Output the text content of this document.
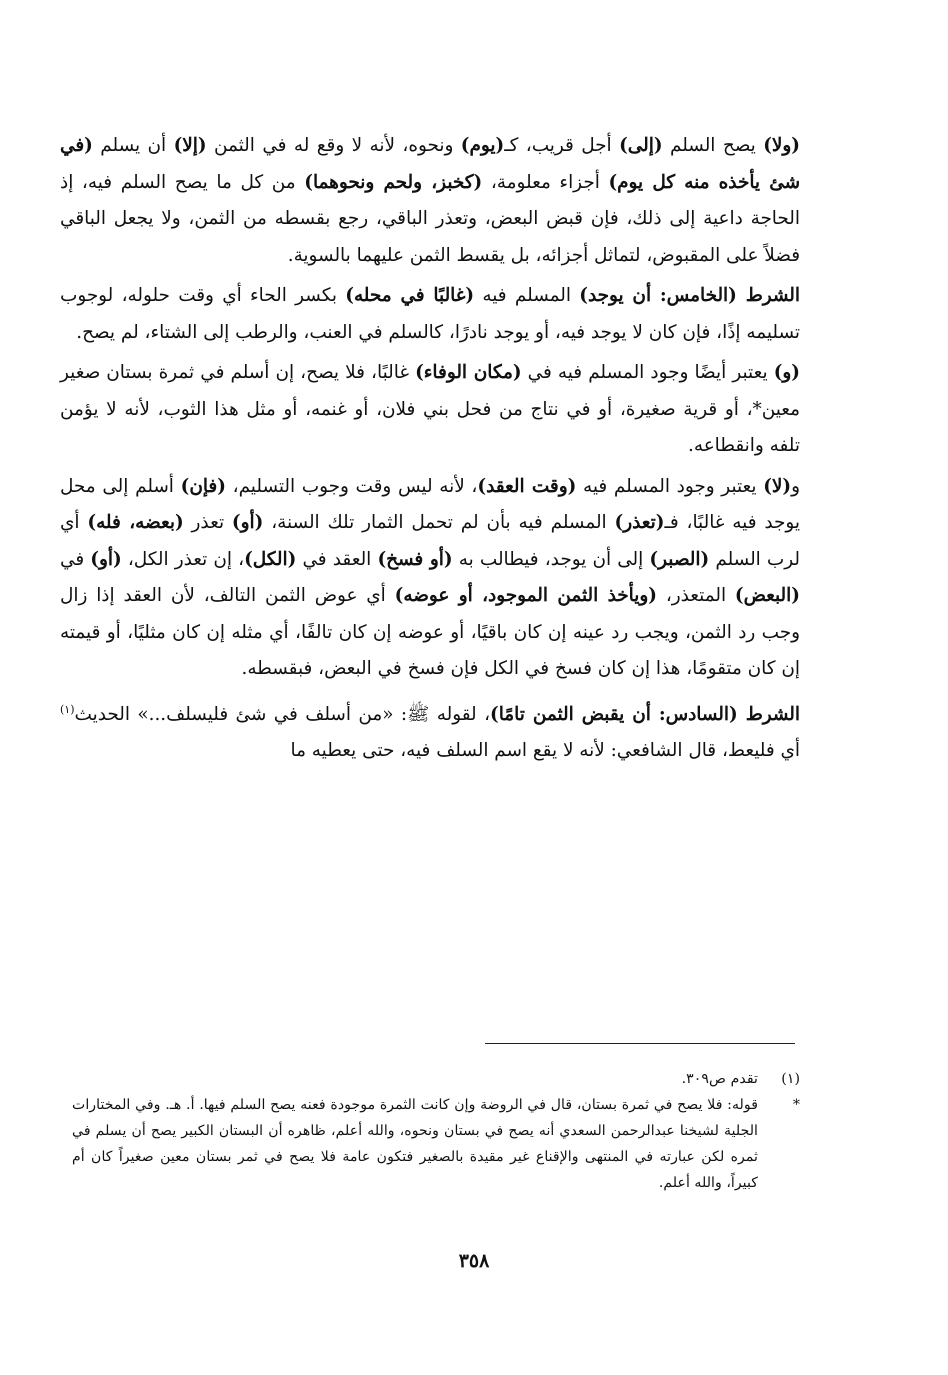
(ولا) يصح السلم (إلى) أجل قريب، كـ(يوم) ونحوه، لأنه لا وقع له في الثمن (إلا) أن يسلم (في شئ يأخذه منه كل يوم) أجزاء معلومة، (كخبز، ولحم ونحوهما) من كل ما يصح السلم فيه، إذ الحاجة داعية إلى ذلك، فإن قبض البعض، وتعذر الباقي، رجع بقسطه من الثمن، ولا يجعل الباقي فضلاً على المقبوض، لتماثل أجزائه، بل يقسط الثمن عليهما بالسوية.

الشرط (الخامس: أن يوجد) المسلم فيه (غالبًا في محله) بكسر الحاء أي وقت حلوله، لوجوب تسليمه إذًا، فإن كان لا يوجد فيه، أو يوجد نادرًا، كالسلم في العنب، والرطب إلى الشتاء، لم يصح.

(و) يعتبر أيضًا وجود المسلم فيه في (مكان الوفاء) غالبًا، فلا يصح، إن أسلم في ثمرة بستان صغير معين*، أو قرية صغيرة، أو في نتاج من فحل بني فلان، أو غنمه، أو مثل هذا الثوب، لأنه لا يؤمن تلفه وانقطاعه.

و(لا) يعتبر وجود المسلم فيه (وقت العقد)، لأنه ليس وقت وجوب التسليم، (فإن) أسلم إلى محل يوجد فيه غالبًا، فـ(تعذر) المسلم فيه بأن لم تحمل الثمار تلك السنة، (أو) تعذر (بعضه، فله) أي لرب السلم (الصبر) إلى أن يوجد، فيطالب به (أو فسخ) العقد في (الكل)، إن تعذر الكل، (أو) في (البعض) المتعذر، (ويأخذ الثمن الموجود، أو عوضه) أي عوض الثمن التالف، لأن العقد إذا زال وجب رد الثمن، ويجب رد عينه إن كان باقيًا، أو عوضه إن كان تالفًا، أي مثله إن كان مثليًا، أو قيمته إن كان متقومًا، هذا إن كان فسخ في الكل فإن فسخ في البعض، فبقسطه.

الشرط (السادس: أن يقبض الثمن تامًا)، لقوله ﷺ: «من أسلف في شئ فليسلف...» الحديث$^{(١)}$ أي فليعط، قال الشافعي: لأنه لا يقع اسم السلف فيه، حتى يعطيه ما

(١)
تقدم ص٣٠٩.
*
قوله: فلا يصح في ثمرة بستان، قال في الروضة وإن كانت الثمرة موجودة فعنه يصح السلم فيها. أ. هـ. وفي المختارات الجلية لشيخنا عبدالرحمن السعدي أنه يصح في بستان ونحوه، والله أعلم، ظاهره أن البستان الكبير يصح أن يسلم في ثمره لكن عبارته في المنتهى والإقناع غير مقيدة بالصغير فتكون عامة فلا يصح في ثمر بستان معين صغيراً كان أم كبيراً، والله أعلم.
٣٥٨
